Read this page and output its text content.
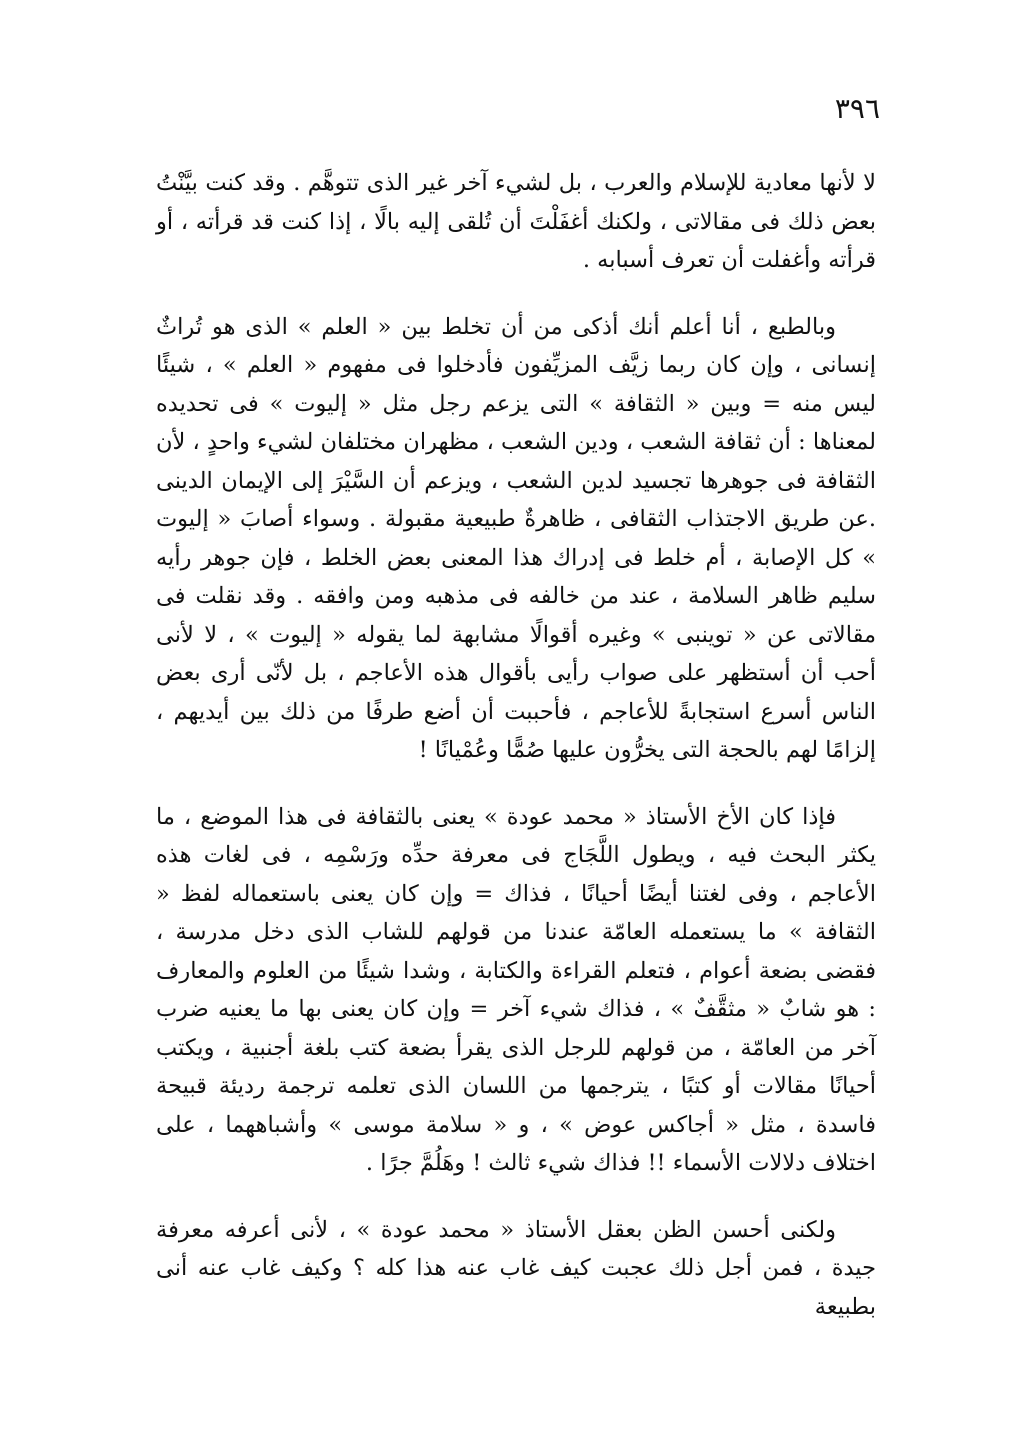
٣٩٦

لا لأنها معادية للإسلام والعرب ، بل لشيء آخر غير الذى تتوهَّم . وقد كنت بيَّنْتُ بعض ذلك فى مقالاتى ، ولكنك أغفَلْتَ أن تُلقى إليه بالًا ، إذا كنت قد قرأته ، أو قرأته وأغفلت أن تعرف أسبابه .

وبالطبع ، أنا أعلم أنك أذكى من أن تخلط بين « العلم » الذى هو تُراثٌ إنسانى ، وإن كان ربما زيَّف المزيِّفون فأدخلوا فى مفهوم « العلم » ، شيئًا ليس منه = وبين « الثقافة » التى يزعم رجل مثل « إليوت » فى تحديده لمعناها : أن ثقافة الشعب ، ودين الشعب ، مظهران مختلفان لشيء واحدٍ ، لأن الثقافة فى جوهرها تجسيد لدين الشعب ، ويزعم أن السَّيْرَ إلى الإيمان الدينى .عن طريق الاجتذاب الثقافى ، ظاهرةٌ طبيعية مقبولة . وسواء أصابَ « إليوت » كل الإصابة ، أم خلط فى إدراك هذا المعنى بعض الخلط ، فإن جوهر رأيه سليم ظاهر السلامة ، عند من خالفه فى مذهبه ومن وافقه . وقد نقلت فى مقالاتى عن « توينبى » وغيره أقوالًا مشابهة لما يقوله « إليوت » ، لا لأنى أحب أن أستظهر على صواب رأيى بأقوال هذه الأعاجم ، بل لأنّى أرى بعض الناس أسرع استجابةً للأعاجم ، فأحببت أن أضع طرفًا من ذلك بين أيديهم ، إلزامًا لهم بالحجة التى يخرُّون عليها صُمًّا وعُمْيانًا !

فإذا كان الأخ الأستاذ « محمد عودة » يعنى بالثقافة فى هذا الموضع ، ما يكثر البحث فيه ، ويطول اللَّجَاج فى معرفة حدِّه ورَسْمِه ، فى لغات هذه الأعاجم ، وفى لغتنا أيضًا أحيانًا ، فذاك = وإن كان يعنى باستعماله لفظ « الثقافة » ما يستعمله العامّة عندنا من قولهم للشاب الذى دخل مدرسة ، فقضى بضعة أعوام ، فتعلم القراءة والكتابة ، وشدا شيئًا من العلوم والمعارف : هو شابٌ « مثقَّفٌ » ، فذاك شيء آخر = وإن كان يعنى بها ما يعنيه ضرب آخر من العامّة ، من قولهم للرجل الذى يقرأ بضعة كتب بلغة أجنبية ، ويكتب أحيانًا مقالات أو كتبًا ، يترجمها من اللسان الذى تعلمه ترجمة رديئة قبيحة فاسدة ، مثل « أجاكس عوض » ، و « سلامة موسى » وأشباههما ، على اختلاف دلالات الأسماء !! فذاك شيء ثالث ! وهَلُمَّ جرًا .

ولكنى أحسن الظن بعقل الأستاذ « محمد عودة » ، لأنى أعرفه معرفة جيدة ، فمن أجل ذلك عجبت كيف غاب عنه هذا كله ؟ وكيف غاب عنه أنى بطبيعة
